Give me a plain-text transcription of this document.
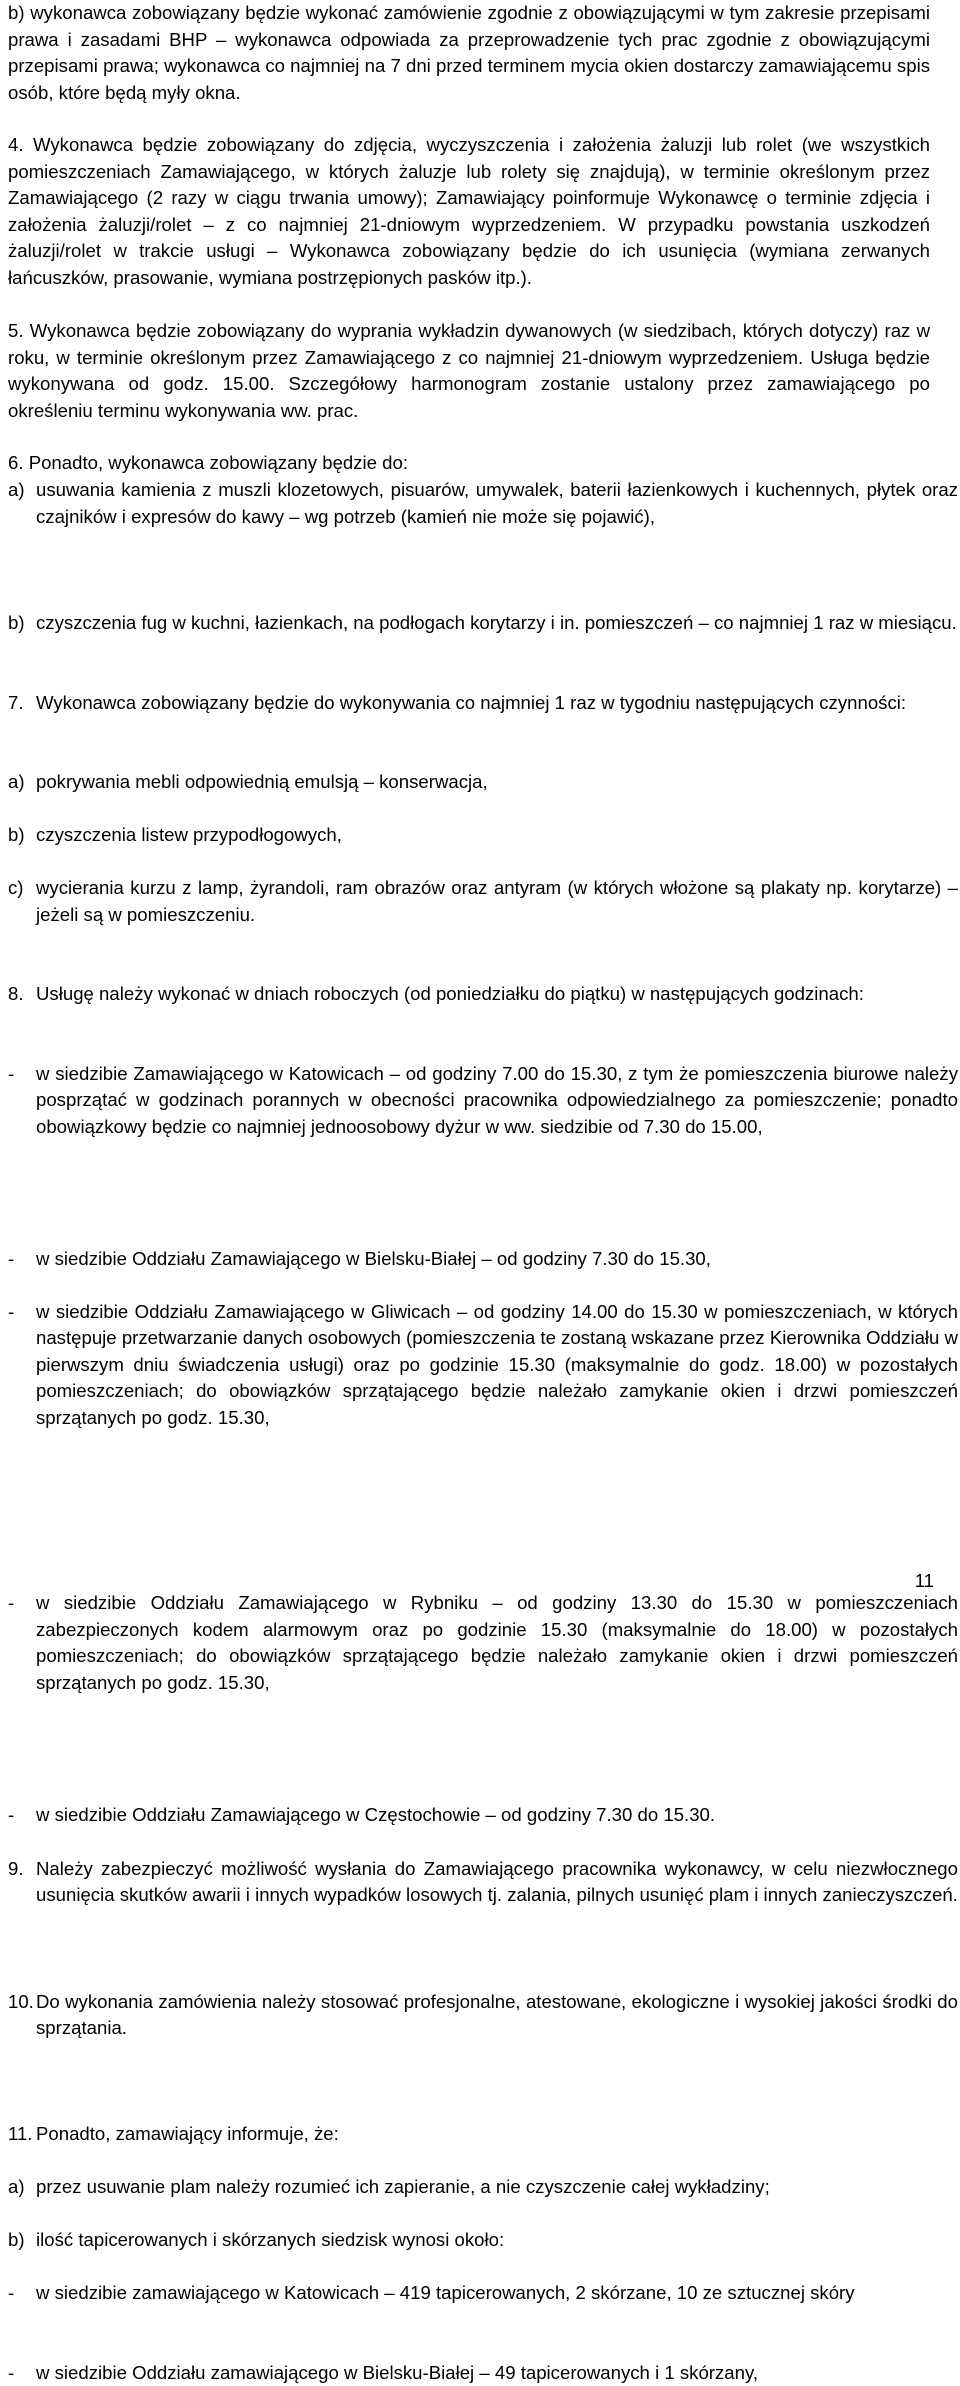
b) wykonawca zobowiązany będzie wykonać zamówienie zgodnie z obowiązującymi w tym zakresie przepisami prawa i zasadami BHP – wykonawca odpowiada za przeprowadzenie tych prac zgodnie z obowiązującymi przepisami prawa; wykonawca co najmniej na 7 dni przed terminem mycia okien dostarczy zamawiającemu spis osób, które będą myły okna.
4. Wykonawca będzie zobowiązany do zdjęcia, wyczyszczenia i założenia żaluzji lub rolet (we wszystkich pomieszczeniach Zamawiającego, w których żaluzje lub rolety się znajdują), w terminie określonym przez Zamawiającego (2 razy w ciągu trwania umowy); Zamawiający poinformuje Wykonawcę o terminie zdjęcia i założenia żaluzji/rolet – z co najmniej 21-dniowym wyprzedzeniem. W przypadku powstania uszkodzeń żaluzji/rolet w trakcie usługi – Wykonawca zobowiązany będzie do ich usunięcia (wymiana zerwanych łańcuszków, prasowanie, wymiana postrzępionych pasków itp.).
5. Wykonawca będzie zobowiązany do wyprania wykładzin dywanowych (w siedzibach, których dotyczy) raz w roku, w terminie określonym przez Zamawiającego z co najmniej 21-dniowym wyprzedzeniem. Usługa będzie wykonywana od godz. 15.00. Szczegółowy harmonogram zostanie ustalony przez zamawiającego po określeniu terminu wykonywania ww. prac.
6. Ponadto, wykonawca zobowiązany będzie do:
a) usuwania kamienia z muszli klozetowych, pisuarów, umywalek, baterii łazienkowych i kuchennych, płytek oraz czajników i expresów do kawy – wg potrzeb (kamień nie może się pojawić),
b) czyszczenia fug w kuchni, łazienkach, na podłogach korytarzy i in. pomieszczeń – co najmniej 1 raz w miesiącu.
7. Wykonawca zobowiązany będzie do wykonywania co najmniej 1 raz w tygodniu następujących czynności:
a) pokrywania mebli odpowiednią emulsją – konserwacja,
b) czyszczenia listew przypodłogowych,
c) wycierania kurzu z lamp, żyrandoli, ram obrazów oraz antyram (w których włożone są plakaty np. korytarze) – jeżeli są w pomieszczeniu.
8. Usługę należy wykonać w dniach roboczych (od poniedziałku do piątku) w następujących godzinach:
- w siedzibie Zamawiającego w Katowicach – od godziny 7.00 do 15.30, z tym że pomieszczenia biurowe należy posprzątać w godzinach porannych w obecności pracownika odpowiedzialnego za pomieszczenie; ponadto obowiązkowy będzie co najmniej jednoosobowy dyżur w ww. siedzibie od 7.30 do 15.00,
- w siedzibie Oddziału Zamawiającego w Bielsku-Białej – od godziny 7.30 do 15.30,
- w siedzibie Oddziału Zamawiającego w Gliwicach – od godziny 14.00 do 15.30 w pomieszczeniach, w których następuje przetwarzanie danych osobowych (pomieszczenia te zostaną wskazane przez Kierownika Oddziału w pierwszym dniu świadczenia usługi) oraz po godzinie 15.30 (maksymalnie do godz. 18.00) w pozostałych pomieszczeniach; do obowiązków sprzątającego będzie należało zamykanie okien i drzwi pomieszczeń sprzątanych po godz. 15.30,
- w siedzibie Oddziału Zamawiającego w Rybniku – od godziny 13.30 do 15.30 w pomieszczeniach zabezpieczonych kodem alarmowym oraz po godzinie 15.30 (maksymalnie do 18.00) w pozostałych pomieszczeniach; do obowiązków sprzątającego będzie należało zamykanie okien i drzwi pomieszczeń sprzątanych po godz. 15.30,
- w siedzibie Oddziału Zamawiającego w Częstochowie – od godziny 7.30 do 15.30.
9. Należy zabezpieczyć możliwość wysłania do Zamawiającego pracownika wykonawcy, w celu niezwłocznego usunięcia skutków awarii i innych wypadków losowych tj. zalania, pilnych usunięć plam i innych zanieczyszczeń.
10. Do wykonania zamówienia należy stosować profesjonalne, atestowane, ekologiczne i wysokiej jakości środki do sprzątania.
11. Ponadto, zamawiający informuje, że:
a) przez usuwanie plam należy rozumieć ich zapieranie, a nie czyszczenie całej wykładziny;
b) ilość tapicerowanych i skórzanych siedzisk wynosi około:
- w siedzibie zamawiającego w Katowicach – 419 tapicerowanych, 2 skórzane, 10 ze sztucznej skóry
- w siedzibie Oddziału zamawiającego w Bielsku-Białej – 49 tapicerowanych i 1 skórzany,
11
